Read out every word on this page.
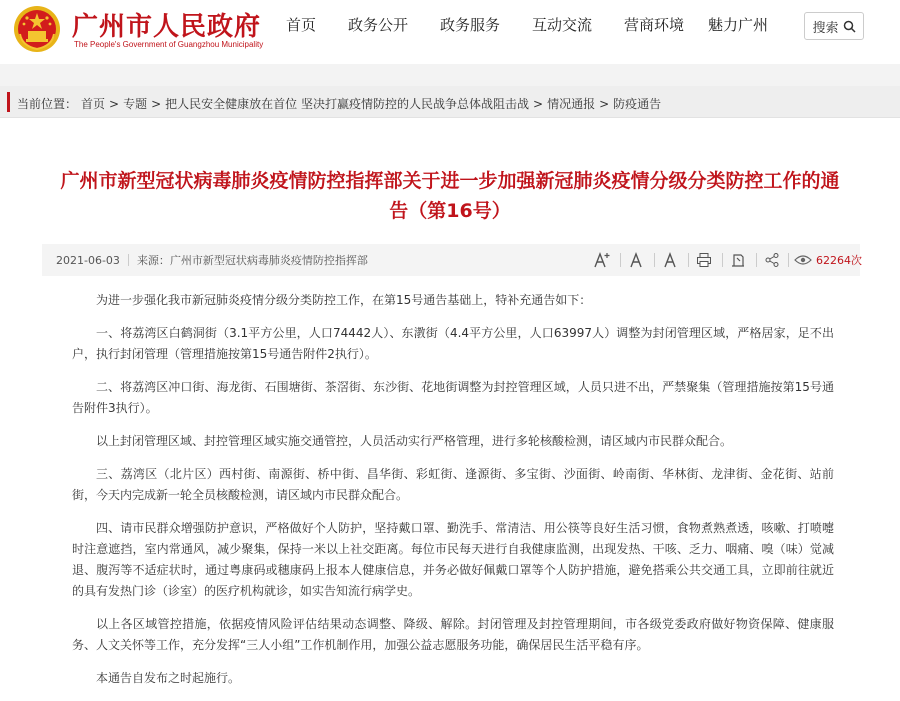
广州市人民政府
The People's Government of Guangzhou Municipality
首页 政务公开 政务服务 互动交流 营商环境 魅力广州	搜索
当前位置： 首页 > 专题 > 把人民安全健康放在首位 坚决打赢疫情防控的人民战争总体战阻击战 > 情况通报 > 防疫通告
广州市新型冠状病毒肺炎疫情防控指挥部关于进一步加强新冠肺炎疫情分级分类防控工作的通告（第16号）
2021-06-03 来源： 广州市新型冠状病毒肺炎疫情防控指挥部	62264次

为进一步强化我市新冠肺炎疫情分级分类防控工作，在第15号通告基础上，特补充通告如下：

一、将荔湾区白鹤洞街（3.1平方公里，人口74442人）、东漖街（4.4平方公里，人口63997人）调整为封闭管理区域，严格居家，足不出户，执行封闭管理（管理措施按第15号通告附件2执行）。

二、将荔湾区冲口街、海龙街、石围塘街、茶滘街、东沙街、花地街调整为封控管理区域，人员只进不出，严禁聚集（管理措施按第15号通告附件3执行）。

以上封闭管理区域、封控管理区域实施交通管控，人员活动实行严格管理，进行多轮核酸检测，请区域内市民群众配合。

三、荔湾区（北片区）西村街、南源街、桥中街、昌华街、彩虹街、逢源街、多宝街、沙面街、岭南街、华林街、龙津街、金花街、站前街，今天内完成新一轮全员核酸检测，请区域内市民群众配合。

四、请市民群众增强防护意识，严格做好个人防护，坚持戴口罩、勤洗手、常清洁、用公筷等良好生活习惯，食物煮熟煮透，咳嗽、打喷嚏时注意遮挡，室内常通风，减少聚集，保持一米以上社交距离。每位市民每天进行自我健康监测，出现发热、干咳、乏力、咽痛、嗅（味）觉减退、腹泻等不适症状时，通过粤康码或穗康码上报本人健康信息，并务必做好佩戴口罩等个人防护措施，避免搭乘公共交通工具，立即前往就近的具有发热门诊（诊室）的医疗机构就诊，如实告知流行病学史。

以上各区域管控措施，依据疫情风险评估结果动态调整、降级、解除。封闭管理及封控管理期间，市各级党委政府做好物资保障、健康服务、人文关怀等工作，充分发挥“三人小组”工作机制作用，加强公益志愿服务功能，确保居民生活平稳有序。

本通告自发布之时起施行。
